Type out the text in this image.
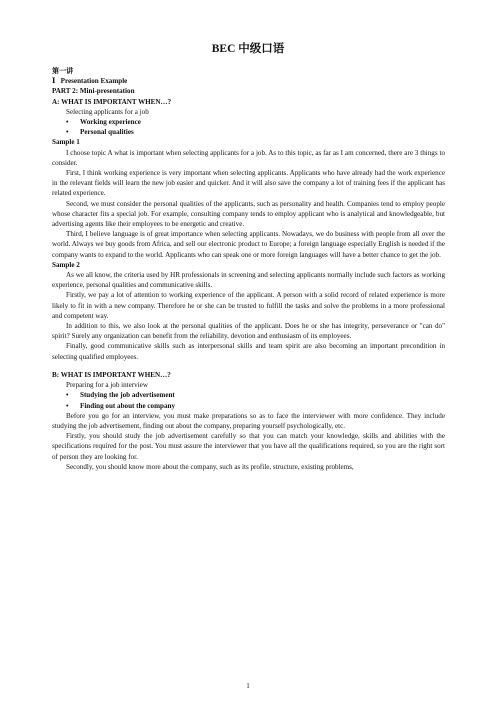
BEC 中级口语
第一讲
Ⅰ Presentation Example
PART 2: Mini-presentation
A: WHAT IS IMPORTANT WHEN…?
Selecting applicants for a job
• Working experience
• Personal qualities
Sample 1

I choose topic A what is important when selecting applicants for a job. As to this topic, as far as I am concerned, there are 3 things to consider.

First, I think working experience is very important when selecting applicants. Applicants who have already had the work experience in the relevant fields will learn the new job easier and quicker. And it will also save the company a lot of training fees if the applicant has related experience.

Second, we must consider the personal qualities of the applicants, such as personality and health. Companies tend to employ people whose character fits a special job. For example, consulting company tends to employ applicant who is analytical and knowledgeable, but advertising agents like their employees to be energetic and creative.

Third, I believe language is of great importance when selecting applicants. Nowadays, we do business with people from all over the world. Always we buy goods from Africa, and sell our electronic product to Europe; a foreign language especially English is needed if the company wants to expand to the world. Applicants who can speak one or more foreign languages will have a better chance to get the job.

Sample 2

As we all know, the criteria used by HR professionals in screening and selecting applicants normally include such factors as working experience, personal qualities and communicative skills.

Firstly, we pay a lot of attention to working experience of the applicant. A person with a solid record of related experience is more likely to fit in with a new company. Therefore he or she can be trusted to fulfill the tasks and solve the problems in a more professional and competent way.

In addition to this, we also look at the personal qualities of the applicant. Does he or she has integrity, perseverance or "can do" spirit? Surely any organization can benefit from the reliability, devotion and enthusiasm of its employees.

Finally, good communicative skills such as interpersonal skills and team spirit are also becoming an important precondition in selecting qualified employees.

B: WHAT IS IMPORTANT WHEN…?
Preparing for a job interview
• Studying the job advertisement
• Finding out about the company

Before you go for an interview, you must make preparations so as to face the interviewer with more confidence. They include studying the job advertisement, finding out about the company, preparing yourself psychologically, etc.

Firstly, you should study the job advertisement carefully so that you can match your knowledge, skills and abilities with the specifications required for the post. You must assure the interviewer that you have all the qualifications required, so you are the right sort of person they are looking for.

Secondly, you should know more about the company, such as its profile, structure, existing problems,

1
